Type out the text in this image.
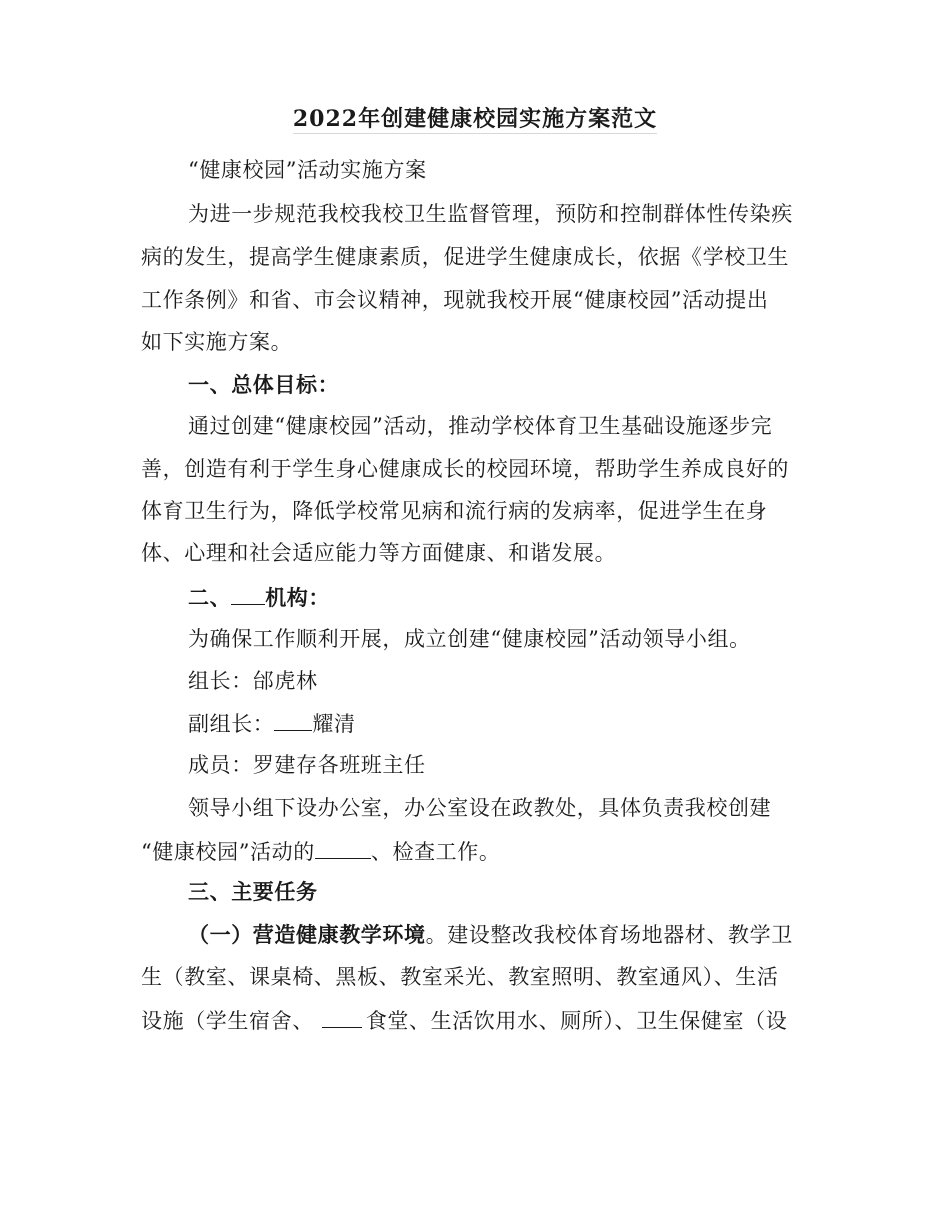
2022年创建健康校园实施方案范文
“健康校园”活动实施方案
为进一步规范我校我校卫生监督管理，预防和控制群体性传染疾
病的发生，提高学生健康素质，促进学生健康成长，依据《学校卫生
工作条例》和省、市会议精神，现就我校开展“健康校园”活动提出
如下实施方案。
一、总体目标：
通过创建“健康校园”活动，推动学校体育卫生基础设施逐步完
善，创造有利于学生身心健康成长的校园环境，帮助学生养成良好的
体育卫生行为，降低学校常见病和流行病的发病率，促进学生在身
体、心理和社会适应能力等方面健康、和谐发展。
二、 机构：
为确保工作顺利开展，成立创建“健康校园”活动领导小组。
组长：邰虎林
副组长： 耀清
成员：罗建存各班班主任
领导小组下设办公室，办公室设在政教处，具体负责我校创建
“健康校园”活动的	、检查工作。
三、主要任务
（一）营造健康教学环境。建设整改我校体育场地器材、教学卫
生（教室、课桌椅、黑板、教室采光、教室照明、教室通风）、生活
设施（学生宿舍、 食堂、生活饮用水、厕所）、卫生保健室（设
